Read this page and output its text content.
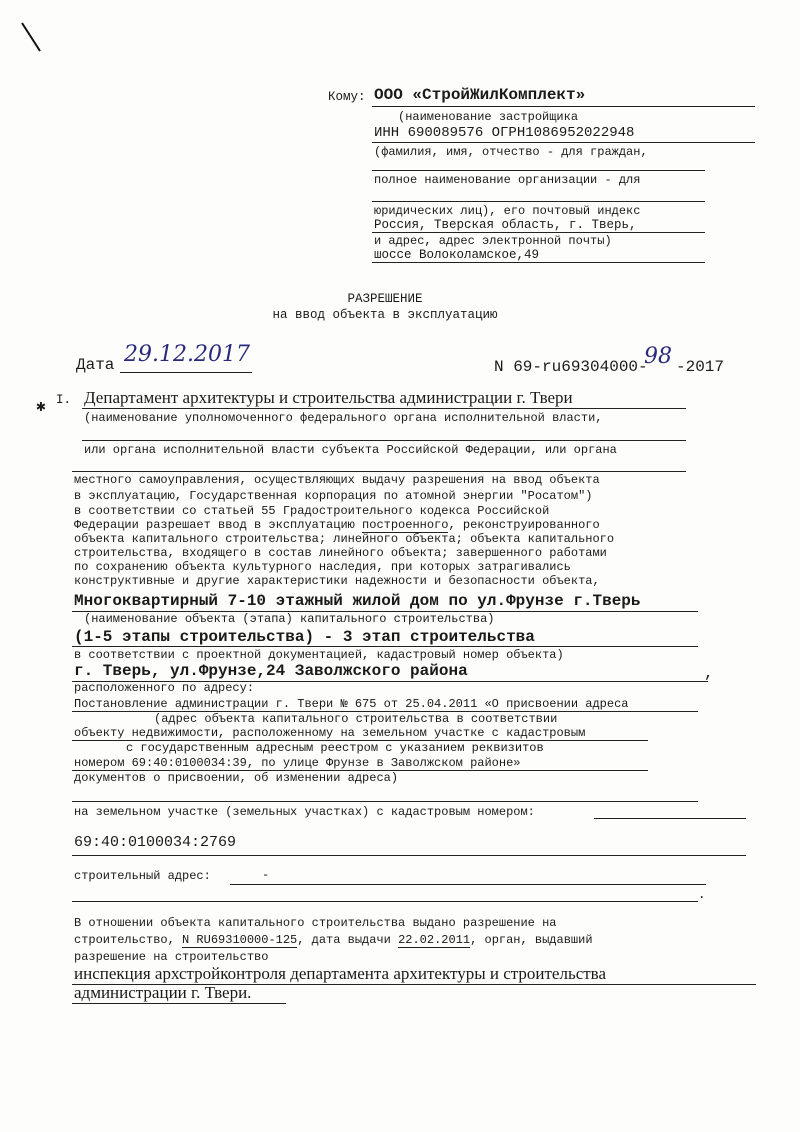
✱
Кому: ООО «СтройЖилКомплект»
(наименование застройщика
ИНН 690089576 ОГРН1086952022948
(фамилия, имя, отчество - для граждан,
полное наименование организации - для
юридических лиц), его почтовый индекс
Россия, Тверская область, г. Тверь,
и адрес, адрес электронной почты)
шоссе Волоколамское,49
РАЗРЕШЕНИЕ
на ввод объекта в эксплуатацию
Дата 29.12.2017	N 69-ru69304000-
98 -2017
I. Департамент архитектуры и строительства администрации г. Твери
(наименование уполномоченного федерального органа исполнительной власти,
или органа исполнительной власти субъекта Российской Федерации, или органа
местного самоуправления, осуществляющих выдачу разрешения на ввод объекта
в эксплуатацию, Государственная корпорация по атомной энергии "Росатом")
в соответствии со статьей 55 Градостроительного кодекса Российской
Федерации разрешает ввод в эксплуатацию построенного, реконструированного
объекта капитального строительства; линейного объекта; объекта капитального
строительства, входящего в состав линейного объекта; завершенного работами
по сохранению объекта культурного наследия, при которых затрагивались
конструктивные и другие характеристики надежности и безопасности объекта,
Многоквартирный 7-10 этажный жилой дом по ул.Фрунзе г.Тверь
(наименование объекта (этапа) капитального строительства)
(1-5 этапы строительства) - 3 этап строительства
в соответствии с проектной документацией, кадастровый номер объекта)
г. Тверь, ул.Фрунзе,24 Заволжского района	,
расположенного по адресу:
Постановление администрации г. Твери № 675 от 25.04.2011 «О присвоении адреса
(адрес объекта капитального строительства в соответствии
объекту недвижимости, расположенному на земельном участке с кадастровым
с государственным адресным реестром с указанием реквизитов
номером 69:40:0100034:39, по улице Фрунзе в Заволжском районе»
документов о присвоении, об изменении адреса)
на земельном участке (земельных участках) с кадастровым номером:
69:40:0100034:2769
строительный адрес:	-
.
В отношении объекта капитального строительства выдано разрешение на
строительство, N RU69310000-125, дата выдачи 22.02.2011, орган, выдавший
разрешение на строительство
инспекция архстройконтроля департамента архитектуры и строительства
администрации г. Твери.
